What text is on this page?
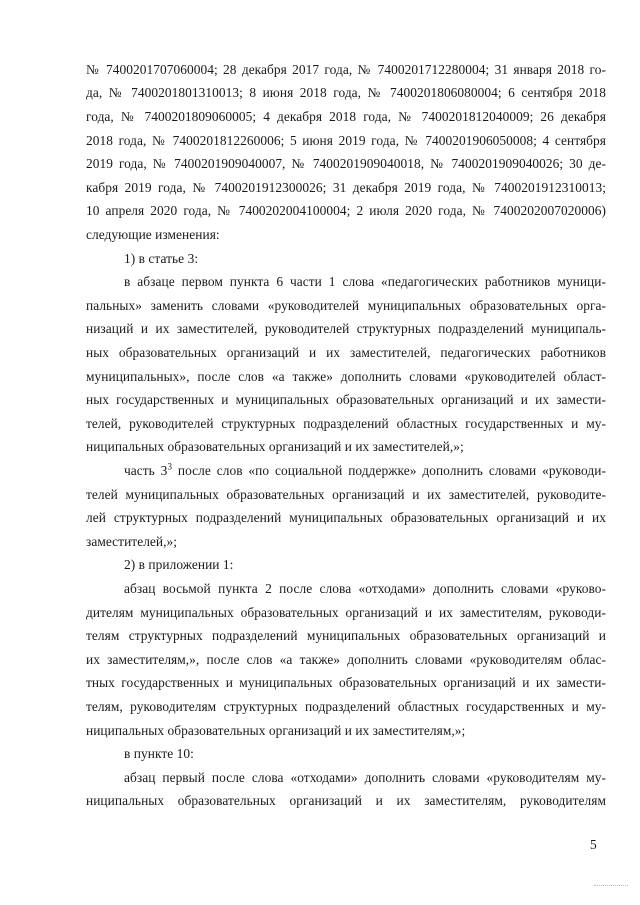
№ 7400201707060004; 28 декабря 2017 года, № 7400201712280004; 31 января 2018 го-
да, № 7400201801310013; 8 июня 2018 года, № 7400201806080004; 6 сентября 2018
года, № 7400201809060005; 4 декабря 2018 года, № 7400201812040009; 26 декабря
2018 года, № 7400201812260006; 5 июня 2019 года, № 7400201906050008; 4 сентября
2019 года, № 7400201909040007, № 7400201909040018, № 7400201909040026; 30 де-
кабря 2019 года, № 7400201912300026; 31 декабря 2019 года, № 7400201912310013;
10 апреля 2020 года, № 7400202004100004; 2 июля 2020 года, № 7400202007020006)
следующие изменения:
1) в статье 3:
в абзаце первом пункта 6 части 1 слова «педагогических работников муници-
пальных» заменить словами «руководителей муниципальных образовательных орга-
низаций и их заместителей, руководителей структурных подразделений муниципаль-
ных образовательных организаций и их заместителей, педагогических работников
муниципальных», после слов «а также» дополнить словами «руководителей област-
ных государственных и муниципальных образовательных организаций и их замести-
телей, руководителей структурных подразделений областных государственных и му-
ниципальных образовательных организаций и их заместителей,»;
часть $3^3$ после слов «по социальной поддержке» дополнить словами «руководи-
телей муниципальных образовательных организаций и их заместителей, руководите-
лей структурных подразделений муниципальных образовательных организаций и их
заместителей,»;
2) в приложении 1:
абзац восьмой пункта 2 после слова «отходами» дополнить словами «руково-
дителям муниципальных образовательных организаций и их заместителям, руководи-
телям структурных подразделений муниципальных образовательных организаций и
их заместителям,», после слов «а также» дополнить словами «руководителям облас-
тных государственных и муниципальных образовательных организаций и их замести-
телям, руководителям структурных подразделений областных государственных и му-
ниципальных образовательных организаций и их заместителям,»;
в пункте 10:
абзац первый после слова «отходами» дополнить словами «руководителям му-
ниципальных образовательных организаций и их заместителям, руководителям
5
